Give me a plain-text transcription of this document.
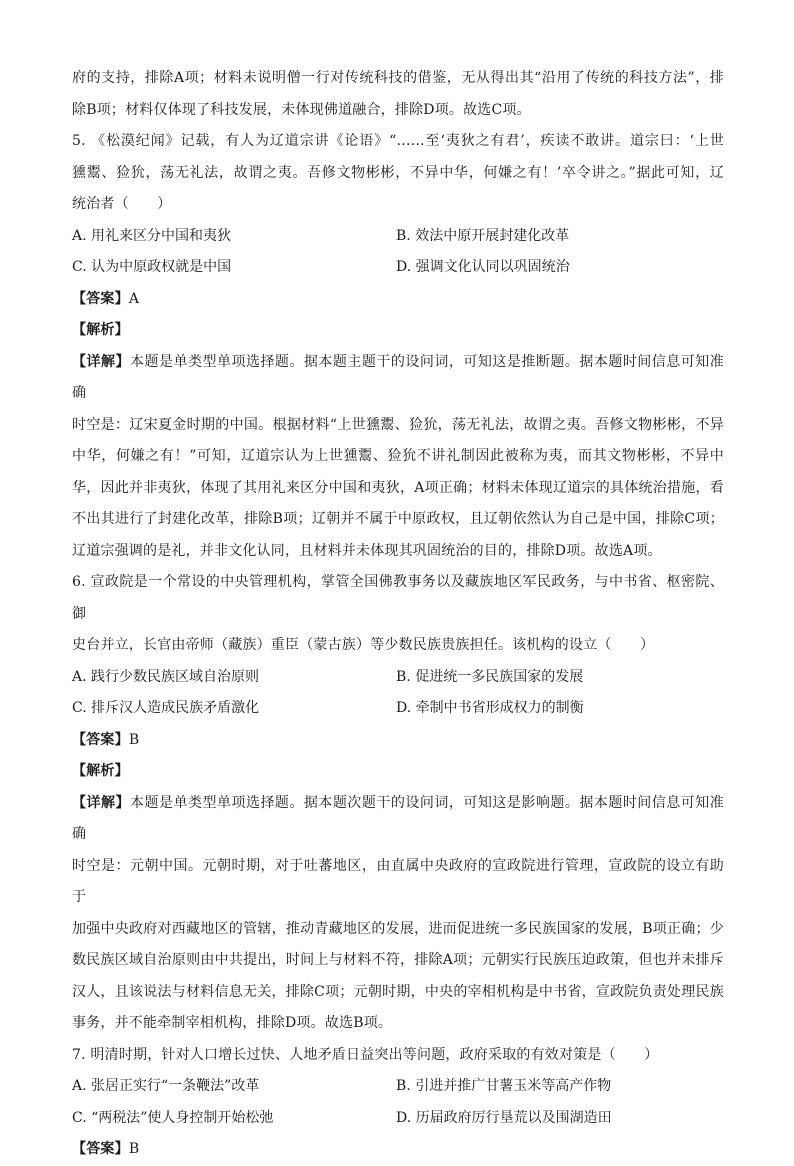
府的支持，排除A项；材料未说明僧一行对传统科技的借鉴，无从得出其“沿用了传统的科技方法”，排
除B项；材料仅体现了科技发展，未体现佛道融合，排除D项。故选C项。
5. 《松漠纪闻》记载，有人为辽道宗讲《论语》“……至‘夷狄之有君’，疾读不敢讲。道宗曰：‘上世
獯鬻、猃狁，荡无礼法，故谓之夷。吾修文物彬彬，不异中华，何嫌之有！’卒令讲之。”据此可知，辽
统治者（　　）
A. 用礼来区分中国和夷狄	B. 效法中原开展封建化改革
C. 认为中原政权就是中国	D. 强调文化认同以巩固统治
【答案】A
【解析】
【详解】本题是单类型单项选择题。据本题主题干的设问词，可知这是推断题。据本题时间信息可知准确
时空是：辽宋夏金时期的中国。根据材料“上世獯鬻、猃狁，荡无礼法，故谓之夷。吾修文物彬彬，不异
中华，何嫌之有！”可知，辽道宗认为上世獯鬻、猃狁不讲礼制因此被称为夷，而其文物彬彬，不异中
华，因此并非夷狄，体现了其用礼来区分中国和夷狄，A项正确；材料未体现辽道宗的具体统治措施，看
不出其进行了封建化改革，排除B项；辽朝并不属于中原政权，且辽朝依然认为自己是中国，排除C项；
辽道宗强调的是礼，并非文化认同，且材料并未体现其巩固统治的目的，排除D项。故选A项。
6. 宣政院是一个常设的中央管理机构，掌管全国佛教事务以及藏族地区军民政务，与中书省、枢密院、御
史台并立，长官由帝师（藏族）重臣（蒙古族）等少数民族贵族担任。该机构的设立（　　）
A. 践行少数民族区域自治原则	B. 促进统一多民族国家的发展
C. 排斥汉人造成民族矛盾激化	D. 牵制中书省形成权力的制衡
【答案】B
【解析】
【详解】本题是单类型单项选择题。据本题次题干的设问词，可知这是影响题。据本题时间信息可知准确
时空是：元朝中国。元朝时期，对于吐蕃地区，由直属中央政府的宣政院进行管理，宣政院的设立有助于
加强中央政府对西藏地区的管辖，推动青藏地区的发展，进而促进统一多民族国家的发展，B项正确；少
数民族区域自治原则由中共提出，时间上与材料不符，排除A项；元朝实行民族压迫政策，但也并未排斥
汉人，且该说法与材料信息无关，排除C项；元朝时期，中央的宰相机构是中书省，宣政院负责处理民族
事务，并不能牵制宰相机构，排除D项。故选B项。
7. 明清时期，针对人口增长过快、人地矛盾日益突出等问题，政府采取的有效对策是（　　）
A. 张居正实行“一条鞭法”改革	B. 引进并推广甘薯玉米等高产作物
C. “两税法”使人身控制开始松弛	D. 历届政府厉行垦荒以及围湖造田
【答案】B
